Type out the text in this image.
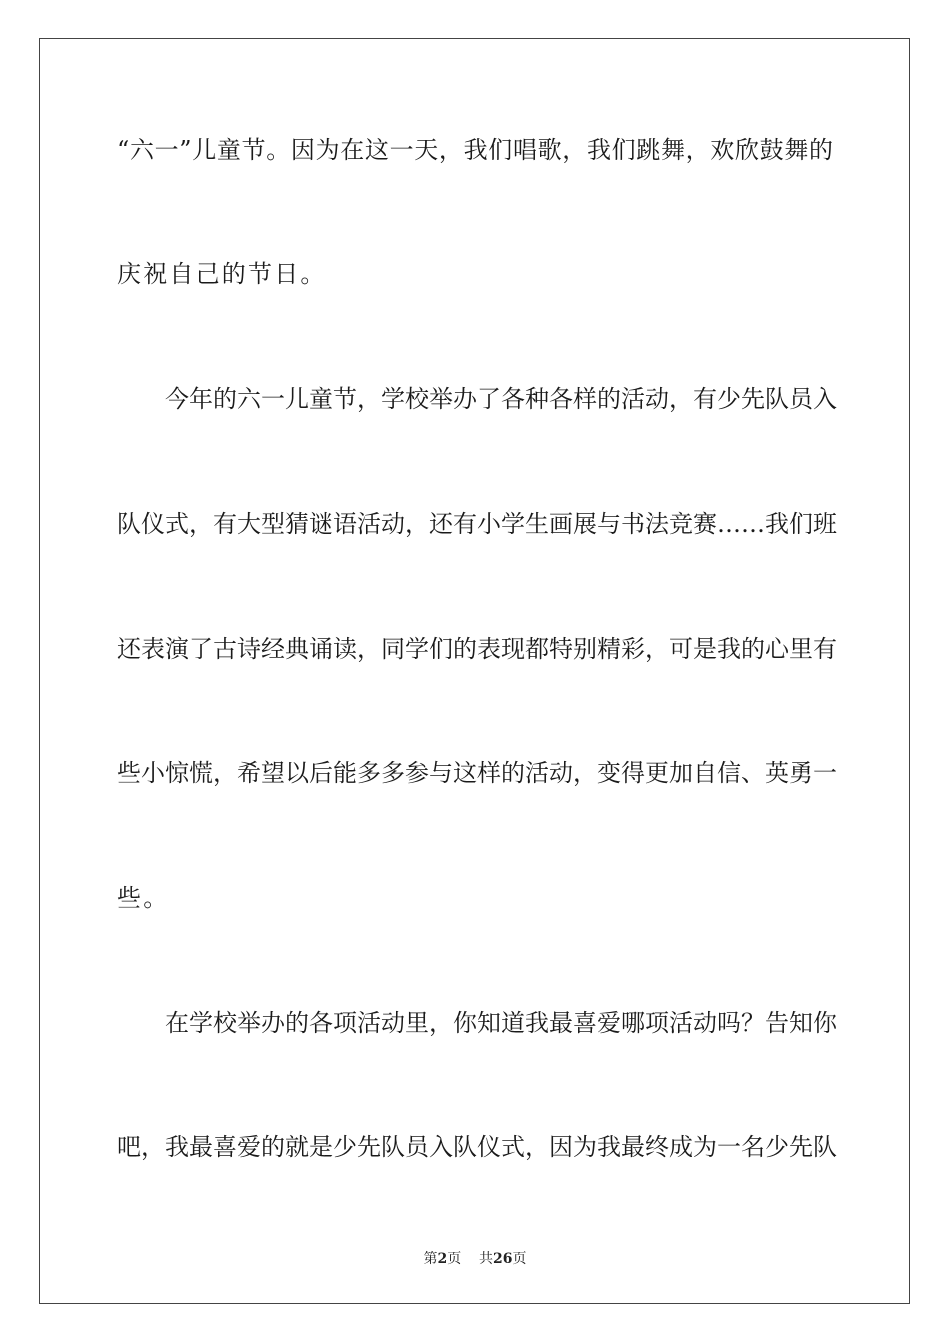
“六一”儿童节。因为在这一天，我们唱歌，我们跳舞，欢欣鼓舞的
庆祝自己的节日。
今年的六一儿童节，学校举办了各种各样的活动，有少先队员入
队仪式，有大型猜谜语活动，还有小学生画展与书法竞赛……我们班
还表演了古诗经典诵读，同学们的表现都特别精彩，可是我的心里有
些小惊慌，希望以后能多多参与这样的活动，变得更加自信、英勇一
些。
在学校举办的各项活动里，你知道我最喜爱哪项活动吗？告知你
吧，我最喜爱的就是少先队员入队仪式，因为我最终成为一名少先队
第2页 共26页
